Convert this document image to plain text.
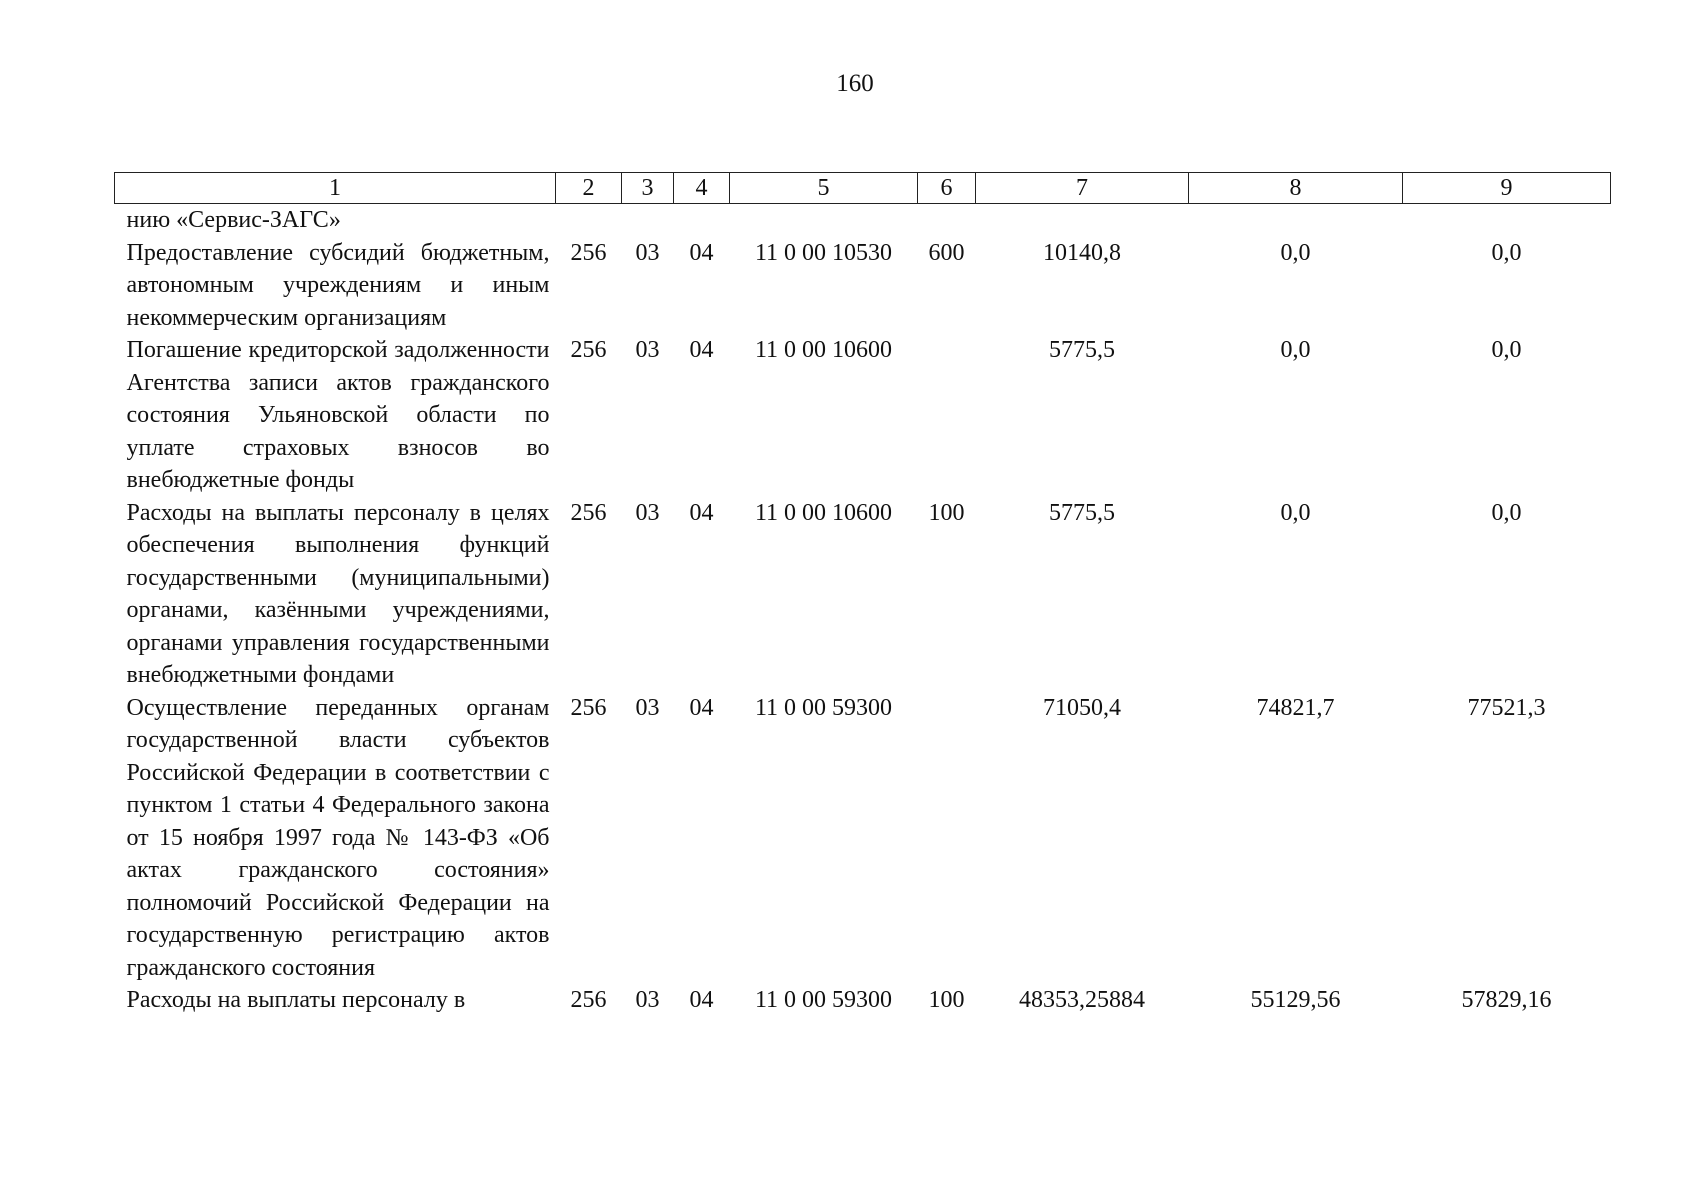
160
1	2	3	4	5	6	7	8	9
нию «Сервис-ЗАГС»								
Предоставление субсидий бюджетным, автономным учреждениям и иным некоммерческим организациям	256	03	04	11 0 00 10530	600	10140,8	0,0	0,0
Погашение кредиторской задолженности Агентства записи актов гражданского состояния Ульяновской области по уплате страховых взносов во внебюджетные фонды	256	03	04	11 0 00 10600		5775,5	0,0	0,0
Расходы на выплаты персоналу в целях обеспечения выполнения функций государственными (муниципальными) органами, казёнными учреждениями, органами управления государственными внебюджетными фондами	256	03	04	11 0 00 10600	100	5775,5	0,0	0,0
Осуществление переданных органам государственной власти субъектов Российской Федерации в соответствии с пунктом 1 статьи 4 Федерального закона от 15 ноября 1997 года № 143-ФЗ «Об актах гражданского состояния» полномочий Российской Федерации на государственную регистрацию актов гражданского состояния	256	03	04	11 0 00 59300		71050,4	74821,7	77521,3
Расходы на выплаты персоналу в	256	03	04	11 0 00 59300	100	48353,25884	55129,56	57829,16
